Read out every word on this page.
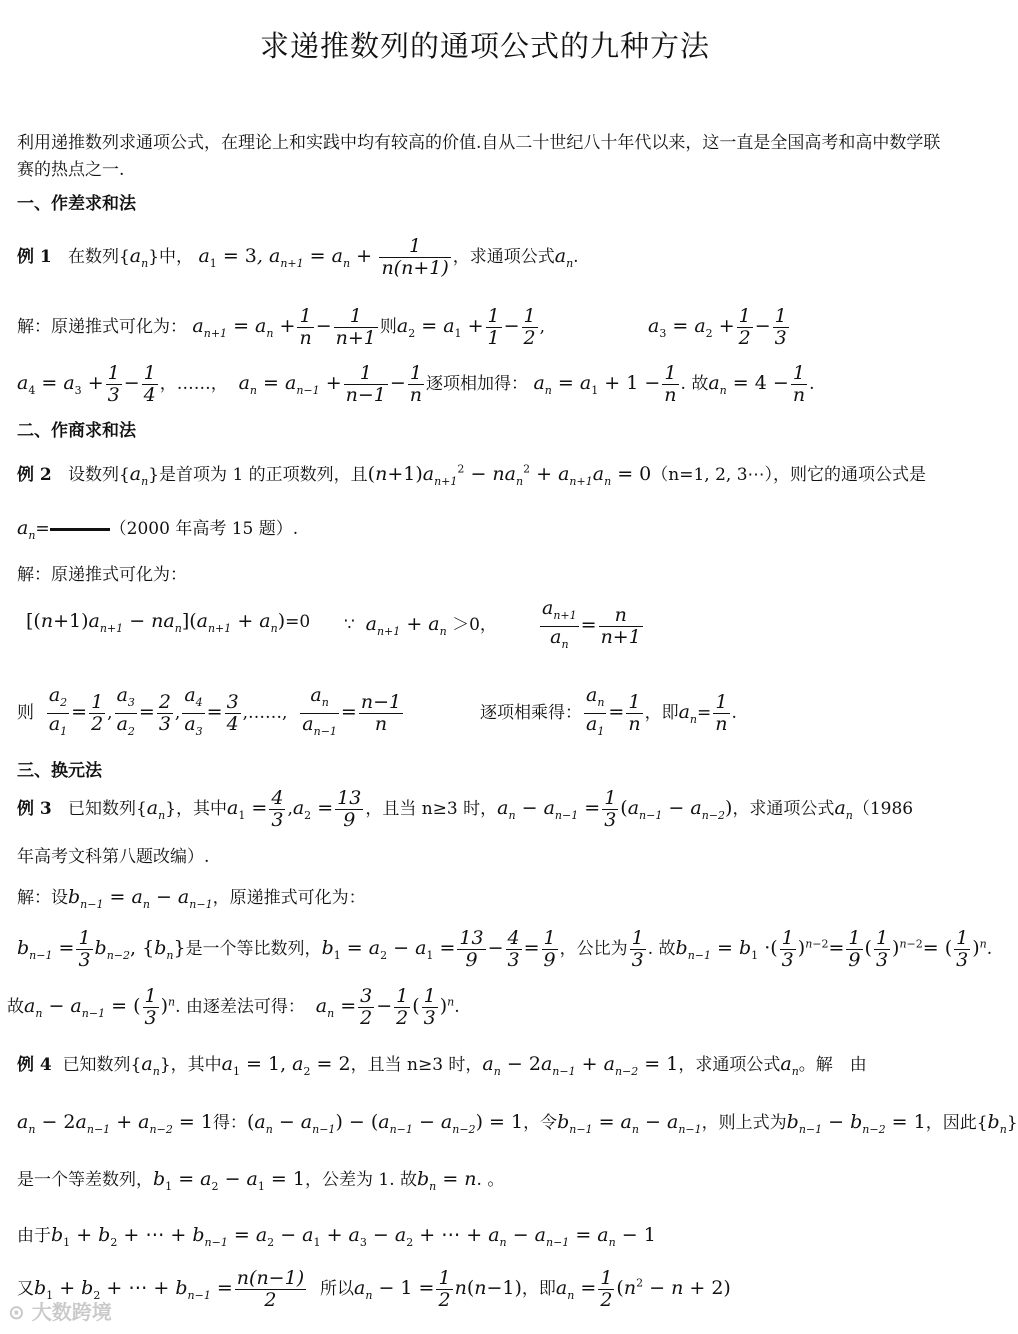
求递推数列的通项公式的九种方法
利用递推数列求通项公式，在理论上和实践中均有较高的价值.自从二十世纪八十年代以来，这一直是全国高考和高中数学联赛的热点之一.
一、作差求和法
例 1 在数列$\{a_n\}$中， $a_1 = 3$, $a_{n+1} = a_n + \frac{1}{n(n+1)}$ ，求通项公式$a_n$.
解：原递推式可化为： $a_{n+1} = a_n + \frac{1}{n} - \frac{1}{n+1}$ 则$a_2 = a_1 + \frac{1}{1} - \frac{1}{2}$ ,	$a_3 = a_2 + \frac{1}{2} - \frac{1}{3}$
$a_4 = a_3 + \frac{1}{3} - \frac{1}{4}$ ，……，  $a_n = a_{n-1} + \frac{1}{n-1} - \frac{1}{n}$ 逐项相加得： $a_n = a_1 + 1 - \frac{1}{n}$ . 故$a_n = 4 - \frac{1}{n}$ .
二、作商求和法
例 2 设数列$\{a_n\}$是首项为 1 的正项数列，且$(n+1)a_{n+1}^2 - na_n^2 + a_{n+1}a_n = 0(n=1$, 2, 3⋯），则它的通项公式是
$a_n=$	（2000 年高考 15 题）.
解：原递推式可化为：
$[(n+1)a_{n+1} - na_n](a_{n+1} + a_n)=0$ ∵  $a_{n+1} + a_n >0$， $\frac{a_{n+1}}{a_n} = \frac{n}{n+1}$
则 $\frac{a_2}{a_1} = \frac{1}{2}$ , $\frac{a_3}{a_2} = \frac{2}{3}$ , $\frac{a_4}{a_3} = \frac{3}{4}$ ,……, $\frac{a_n}{a_{n-1}} = \frac{n-1}{n}$	逐项相乘得： $\frac{a_n}{a_1} = \frac{1}{n}$ ，即$a_n= \frac{1}{n}$ .
三、换元法
例 3 已知数列$\{a_n\}$，其中$a_1 = \frac{4}{3} ,a_2 = \frac{13}{9}$ ，且当 n≥3 时，$a_n - a_{n-1} = \frac{1}{3} (a_{n-1} - a_{n-2})$，求通项公式$a_n(1986$
年高考文科第八题改编）.
解：设$b_{n-1} = a_n - a_{n-1}$，原递推式可化为：
$b_{n-1} = \frac{1}{3} b_{n-2}$, $\{b_n\}$是一个等比数列，$b_1 = a_2 - a_1 = \frac{13}{9} - \frac{4}{3} = \frac{1}{9}$ ，公比为 $\frac{1}{3}$ . 故$b_{n-1} = b_1$ ·( $\frac{1}{3} )^{n-2}= \frac{1}{9}$ ( $\frac{1}{3} )^{n-2}=$ ( $\frac{1}{3} )^n$.
故$a_n - a_{n-1}$ = ( $\frac{1}{3} )^n$. 由逐差法可得： $a_n = \frac{3}{2} - \frac{1}{2}$ ( $\frac{1}{3} )^n$.
例 4 已知数列$\{a_n\}$，其中$a_1 = 1$, $a_2 = 2$，且当 n≥3 时，$a_n - 2a_{n-1} + a_{n-2} = 1$，求通项公式$a_n$。解　由
$a_n - 2a_{n-1} + a_{n-2} = 1$得：$(a_n - a_{n-1}) - (a_{n-1} - a_{n-2}) = 1$，令$b_{n-1} = a_n - a_{n-1}$，则上式为$b_{n-1} - b_{n-2} = 1$，因此$\{b_n\}$
是一个等差数列，$b_1 = a_2 - a_1 = 1$，公差为 1. 故$b_n = n$. 。
由于$b_1 + b_2$ + ⋯ + $b_{n-1} = a_2 - a_1 + a_3 - a_2$ + ⋯ + $a_n - a_{n-1} = a_n - 1$
又$b_1 + b_2$ + ⋯ + $b_{n-1} = \frac{n(n-1)}{2}$ 所以$a_n - 1 = \frac{1}{2} n(n-1)$，即$a_n = \frac{1}{2} (n^2 - n + 2)$
⊙ 大数跨境
